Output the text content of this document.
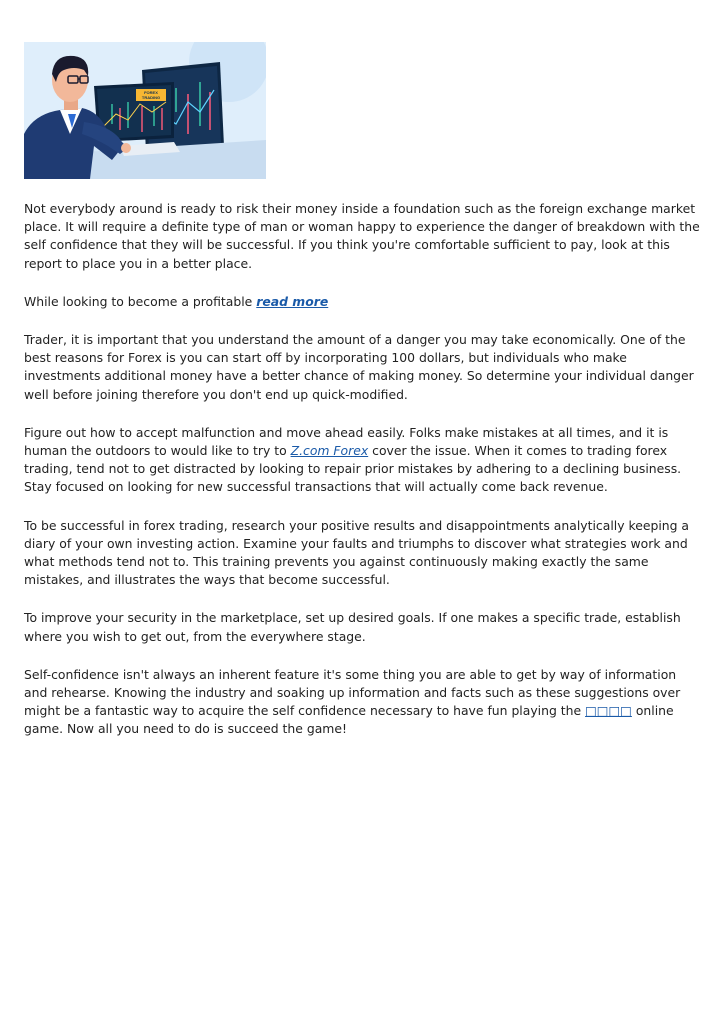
FOREX
TRADING

Not everybody around is ready to risk their money inside a foundation such as the foreign exchange market place. It will require a definite type of man or woman happy to experience the danger of breakdown with the self confidence that they will be successful. If you think you're comfortable sufficient to pay, look at this report to place you in a better place.

While looking to become a profitable read more

Trader, it is important that you understand the amount of a danger you may take economically. One of the best reasons for Forex is you can start off by incorporating 100 dollars, but individuals who make investments additional money have a better chance of making money. So determine your individual danger well before joining therefore you don't end up quick-modified.

Figure out how to accept malfunction and move ahead easily. Folks make mistakes at all times, and it is human the outdoors to would like to try to Z.com Forex cover the issue. When it comes to trading forex trading, tend not to get distracted by looking to repair prior mistakes by adhering to a declining business. Stay focused on looking for new successful transactions that will actually come back revenue.

To be successful in forex trading, research your positive results and disappointments analytically keeping a diary of your own investing action. Examine your faults and triumphs to discover what strategies work and what methods tend not to. This training prevents you against continuously making exactly the same mistakes, and illustrates the ways that become successful.

To improve your security in the marketplace, set up desired goals. If one makes a specific trade, establish where you wish to get out, from the everywhere stage.

Self-confidence isn't always an inherent feature it's some thing you are able to get by way of information and rehearse. Knowing the industry and soaking up information and facts such as these suggestions over might be a fantastic way to acquire the self confidence necessary to have fun playing the □□□□ online game. Now all you need to do is succeed the game!
